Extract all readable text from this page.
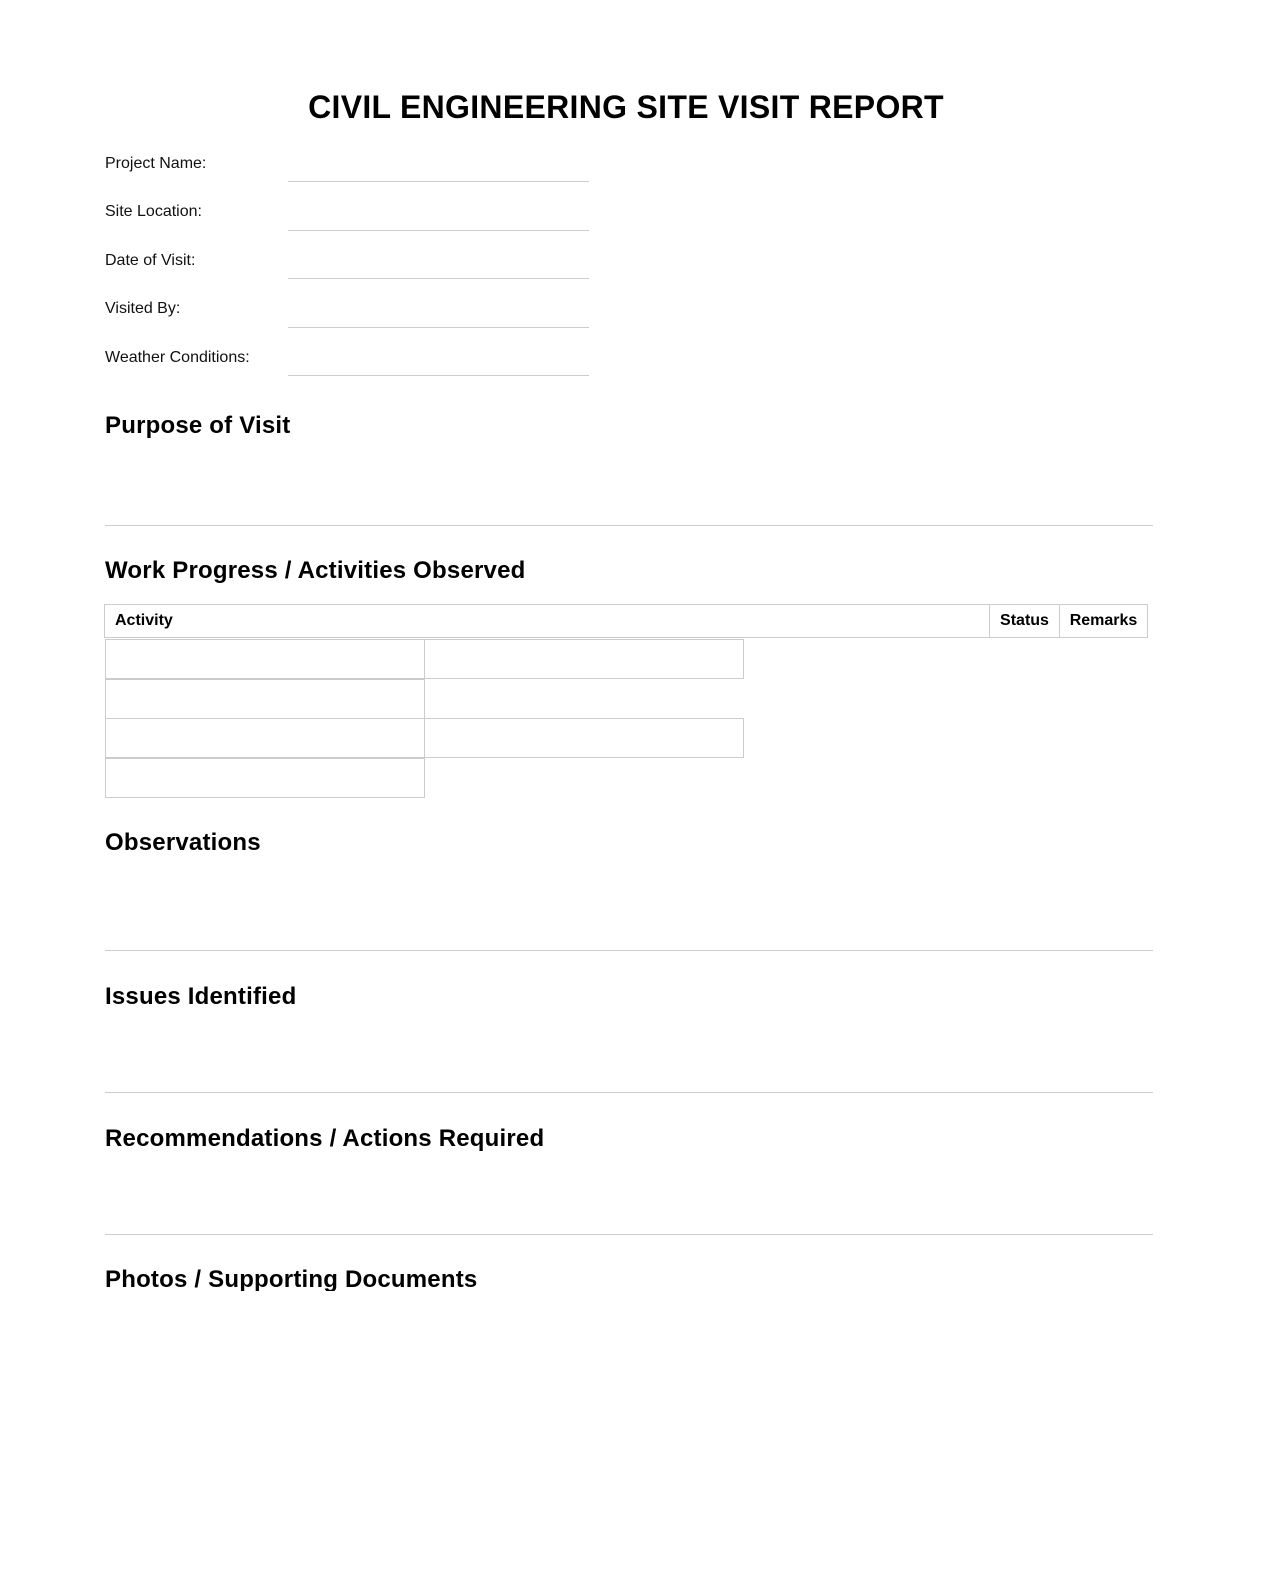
CIVIL ENGINEERING SITE VISIT REPORT
Project Name:
Site Location:
Date of Visit:
Visited By:
Weather Conditions:
Purpose of Visit
Work Progress / Activities Observed
Activity	Status	Remarks
Observations
Issues Identified
Recommendations / Actions Required
Photos / Supporting Documents
